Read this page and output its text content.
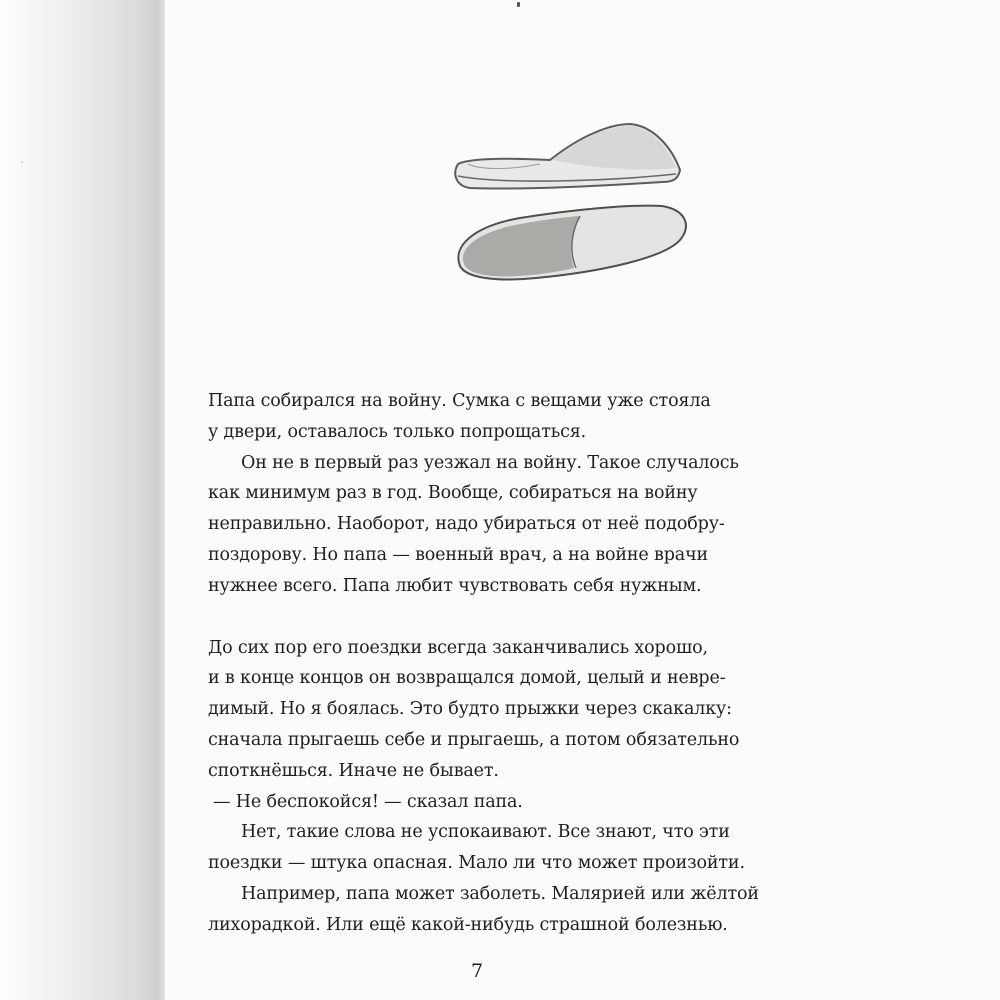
·
Папа собирался на войну. Сумка с вещами уже стояла
у двери, оставалось только попрощаться.
Он не в первый раз уезжал на войну. Такое случалось
как минимум раз в год. Вообще, собираться на войну
неправильно. Наоборот, надо убираться от неё подобру-
поздорову. Но папа — военный врач, а на войне врачи
нужнее всего. Папа любит чувствовать себя нужным.
До сих пор его поездки всегда заканчивались хорошо,
и в конце концов он возвращался домой, целый и невре-
димый. Но я боялась. Это будто прыжки через скакалку:
сначала прыгаешь себе и прыгаешь, а потом обязательно
споткнёшься. Иначе не бывает.
— Не беспокойся! — сказал папа.
Нет, такие слова не успокаивают. Все знают, что эти
поездки — штука опасная. Мало ли что может произойти.
Например, папа может заболеть. Малярией или жёлтой
лихорадкой. Или ещё какой-нибудь страшной болезнью.
7
